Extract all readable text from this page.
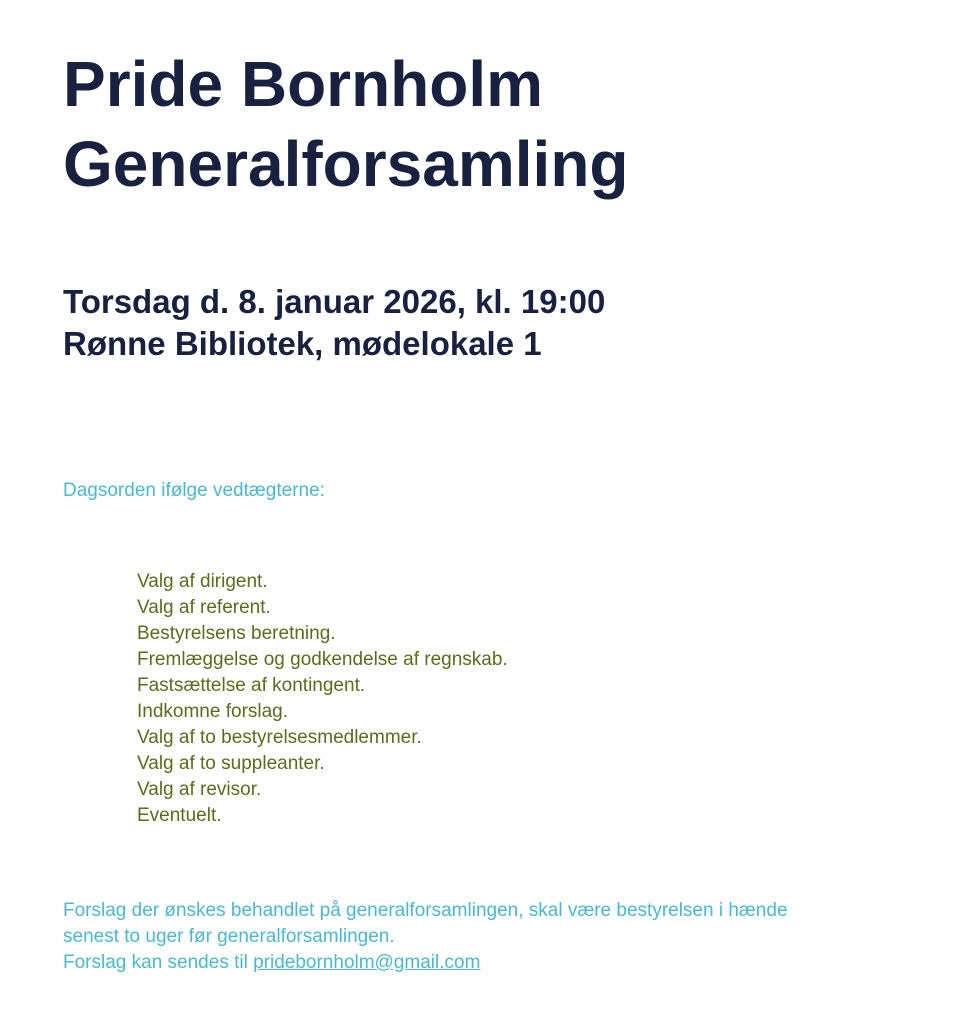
Pride Bornholm
Generalforsamling
Torsdag d. 8. januar 2026, kl. 19:00
Rønne Bibliotek, mødelokale 1

Dagsorden ifølge vedtægterne:

Valg af dirigent.
Valg af referent.
Bestyrelsens beretning.
Fremlæggelse og godkendelse af regnskab.
Fastsættelse af kontingent.
Indkomne forslag.
Valg af to bestyrelsesmedlemmer.
Valg af to suppleanter.
Valg af revisor.
Eventuelt.

Forslag der ønskes behandlet på generalforsamlingen, skal være bestyrelsen i hænde
senest to uger før generalforsamlingen.
Forslag kan sendes til pridebornholm@gmail.com
